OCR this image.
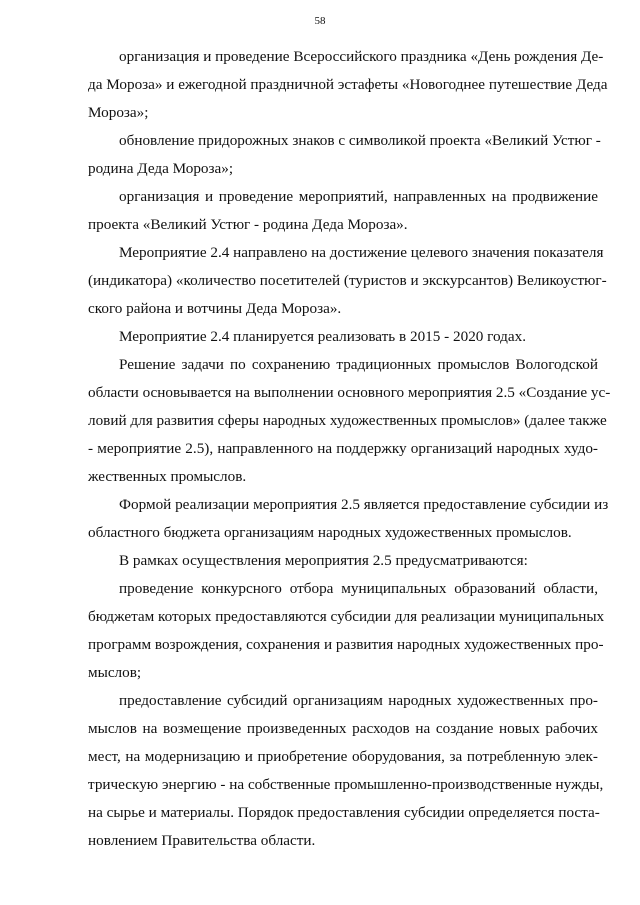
58
организация и проведение Всероссийского праздника «День рождения Де-
да Мороза» и ежегодной праздничной эстафеты «Новогоднее путешествие Деда
Мороза»;
обновление придорожных знаков с символикой проекта «Великий Устюг -
родина Деда Мороза»;
организация и проведение мероприятий, направленных на продвижение
проекта «Великий Устюг - родина Деда Мороза».
Мероприятие 2.4 направлено на достижение целевого значения показателя
(индикатора) «количество посетителей (туристов и экскурсантов) Великоустюг-
ского района и вотчины Деда Мороза».
Мероприятие 2.4 планируется реализовать в 2015 - 2020 годах.
Решение задачи по сохранению традиционных промыслов Вологодской
области основывается на выполнении основного мероприятия 2.5 «Создание ус-
ловий для развития сферы народных художественных промыслов» (далее также
- мероприятие 2.5), направленного на поддержку организаций народных худо-
жественных промыслов.
Формой реализации мероприятия 2.5 является предоставление субсидии из
областного бюджета организациям народных художественных промыслов.
В рамках осуществления мероприятия 2.5 предусматриваются:
проведение конкурсного отбора муниципальных образований области,
бюджетам которых предоставляются субсидии для реализации муниципальных
программ возрождения, сохранения и развития народных художественных про-
мыслов;
предоставление субсидий организациям народных художественных про-
мыслов на возмещение произведенных расходов на создание новых рабочих
мест, на модернизацию и приобретение оборудования, за потребленную элек-
трическую энергию - на собственные промышленно-производственные нужды,
на сырье и материалы. Порядок предоставления субсидии определяется поста-
новлением Правительства области.
